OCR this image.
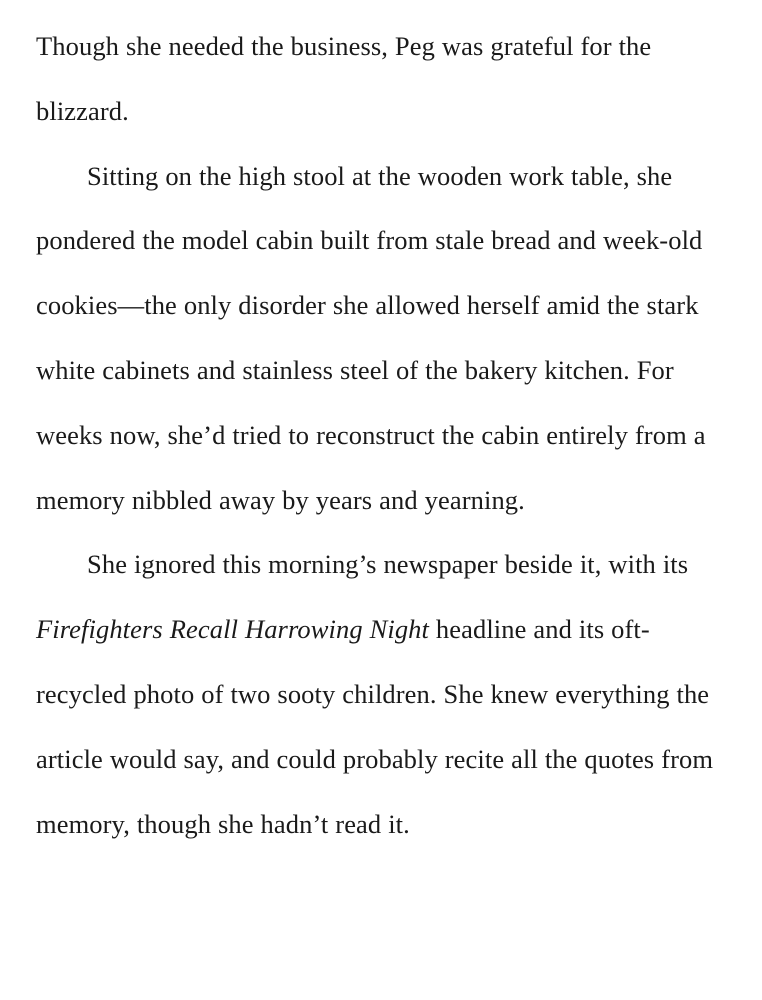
Though she needed the business, Peg was grateful for the blizzard.

Sitting on the high stool at the wooden work table, she pondered the model cabin built from stale bread and week-old cookies—the only disorder she allowed herself amid the stark white cabinets and stainless steel of the bakery kitchen. For weeks now, she’d tried to reconstruct the cabin entirely from a memory nibbled away by years and yearning.

She ignored this morning’s newspaper beside it, with its Firefighters Recall Harrowing Night headline and its oft-recycled photo of two sooty children. She knew everything the article would say, and could probably recite all the quotes from memory, though she hadn’t read it.
